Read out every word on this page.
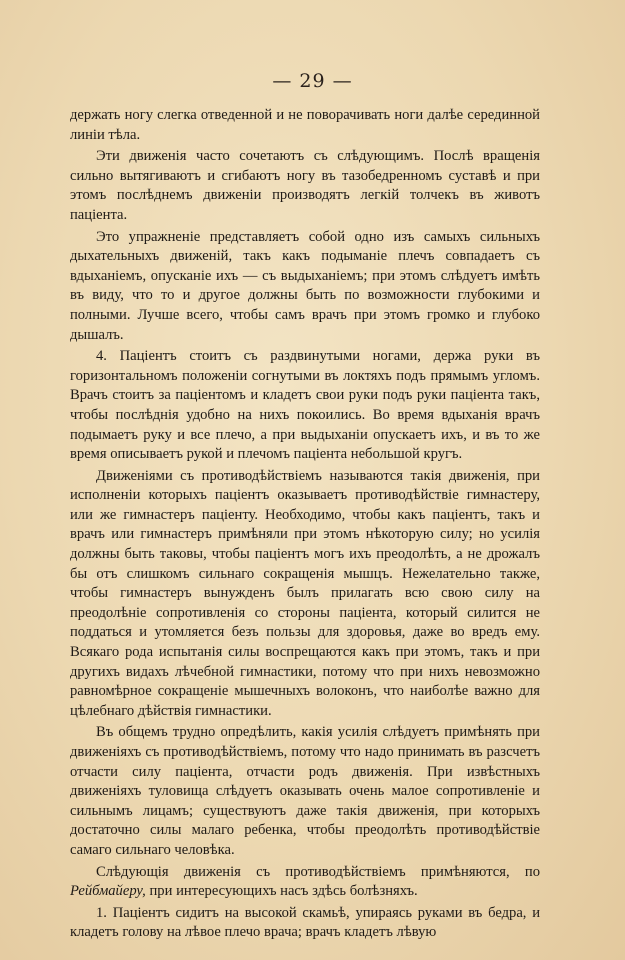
— 29 —

держать ногу слегка отведенной и не поворачивать ноги далѣе серединной линiи тѣла.

Эти движенiя часто сочетаютъ съ слѣдующимъ. Послѣ вращенiя сильно вытягиваютъ и сгибаютъ ногу въ тазобедренномъ суставѣ и при этомъ послѣднемъ движенiи производятъ легкiй толчекъ въ животъ пацiента.

Это упражненiе представляетъ собой одно изъ самыхъ сильныхъ дыхательныхъ движенiй, такъ какъ подыманiе плечъ совпадаетъ съ вдыханiемъ, опусканiе ихъ — съ выдыханiемъ; при этомъ слѣдуетъ имѣть въ виду, что то и другое должны быть по возможности глубокими и полными. Лучше всего, чтобы самъ врачъ при этомъ громко и глубоко дышалъ.

4. Пацiентъ стоитъ съ раздвинутыми ногами, держа руки въ горизонтальномъ положенiи согнутыми въ локтяхъ подъ прямымъ угломъ. Врачъ стоитъ за пацiентомъ и кладетъ свои руки подъ руки пацiента такъ, чтобы послѣднiя удобно на нихъ покоились. Во время вдыханiя врачъ подымаетъ руку и все плечо, а при выдыханiи опускаетъ ихъ, и въ то же время описываетъ рукой и плечомъ пацiента небольшой кругъ.

Движенiями съ противодѣйствiемъ называются такiя движенiя, при исполненiи которыхъ пацiентъ оказываетъ противодѣйствiе гимнастеру, или же гимнастеръ пацiенту. Необходимо, чтобы какъ пацiентъ, такъ и врачъ или гимнастеръ примѣняли при этомъ нѣкоторую силу; но усилiя должны быть таковы, чтобы пацiентъ могъ ихъ преодолѣть, а не дрожалъ бы отъ слишкомъ сильнаго сокращенiя мышцъ. Нежелательно также, чтобы гимнастеръ вынужденъ былъ прилагать всю свою силу на преодолѣнiе сопротивленiя со стороны пацiента, который силится не поддаться и утомляется безъ пользы для здоровья, даже во вредъ ему. Всякаго рода испытанiя силы воспрещаются какъ при этомъ, такъ и при другихъ видахъ лѣчебной гимнастики, потому что при нихъ невозможно равномѣрное сокращенiе мышечныхъ волоконъ, что наиболѣе важно для цѣлебнаго дѣйствiя гимнастики.

Въ общемъ трудно опредѣлить, какiя усилiя слѣдуетъ примѣнять при движенiяхъ съ противодѣйствiемъ, потому что надо принимать въ разсчетъ отчасти силу пацiента, отчасти родъ движенiя. При извѣстныхъ движенiяхъ туловища слѣдуетъ оказывать очень малое сопротивленiе и сильнымъ лицамъ; существуютъ даже такiя движенiя, при которыхъ достаточно силы малаго ребенка, чтобы преодолѣть противодѣйствiе самаго сильнаго человѣка.

Слѣдующiя движенiя съ противодѣйствiемъ примѣняются, по Рейбмайеру, при интересующихъ насъ здѣсь болѣзняхъ.

1. Пацiентъ сидитъ на высокой скамьѣ, упираясь руками въ бедра, и кладетъ голову на лѣвое плечо врача; врачъ кладетъ лѣвую
